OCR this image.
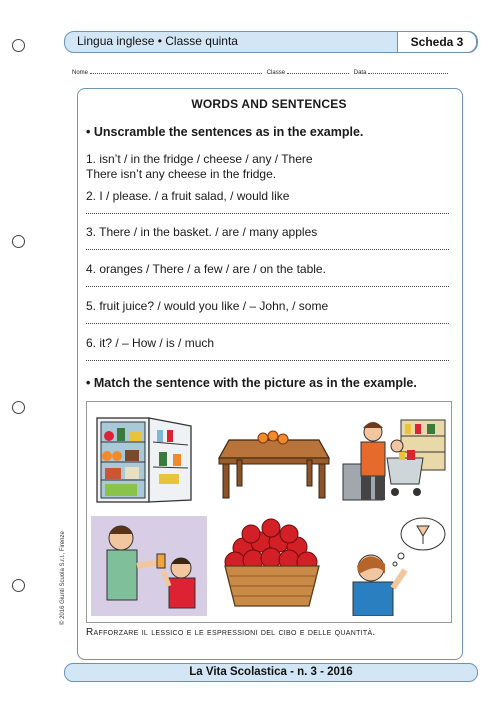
Lingua inglese • Classe quinta	Scheda 3
Nome	Classe	Data
WORDS AND SENTENCES
• Unscramble the sentences as in the example.
1. isn’t / in the fridge / cheese / any / There
There isn’t any cheese in the fridge.
2. I / please. / a fruit salad, / would like
3. There / in the basket. / are / many apples
4. oranges / There / a few / are / on the table.
5. fruit juice? / would you like / – John, / some
6. it? / – How / is / much
• Match the sentence with the picture as in the example.
Rafforzare il lessico e le espressioni del cibo e delle quantità.
© 2016 Giunti Scuola S.r.l., Firenze
La Vita Scolastica - n. 3 - 2016
